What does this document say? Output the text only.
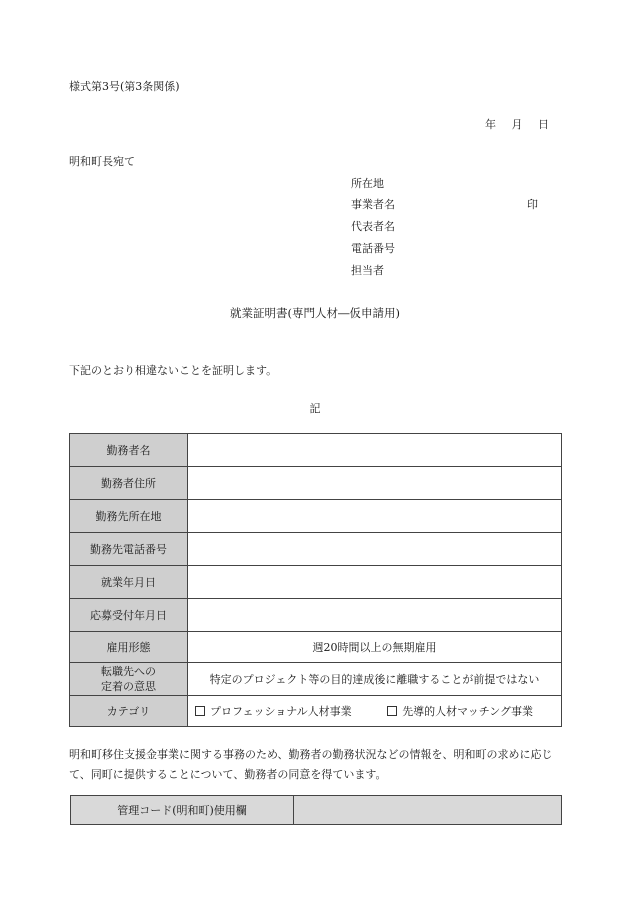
様式第3号(第3条関係)
年 月 日
明和町長宛て
所在地
事業者名	印
代表者名
電話番号
担当者
就業証明書(専門人材―仮申請用)
下記のとおり相違ないことを証明します。
記
勤務者名	
勤務者住所	
勤務先所在地	
勤務先電話番号	
就業年月日	
応募受付年月日	
雇用形態	週20時間以上の無期雇用

転職先への
定着の意思	特定のプロジェクト等の目的達成後に離職することが前提ではない
カテゴリ	プロフェッショナル人材事業 先導的人材マッチング事業
明和町移住支援金事業に関する事務のため、勤務者の勤務状況などの情報を、明和町の求めに応じて、同町に提供することについて、勤務者の同意を得ています。
管理コード(明和町)使用欄	
